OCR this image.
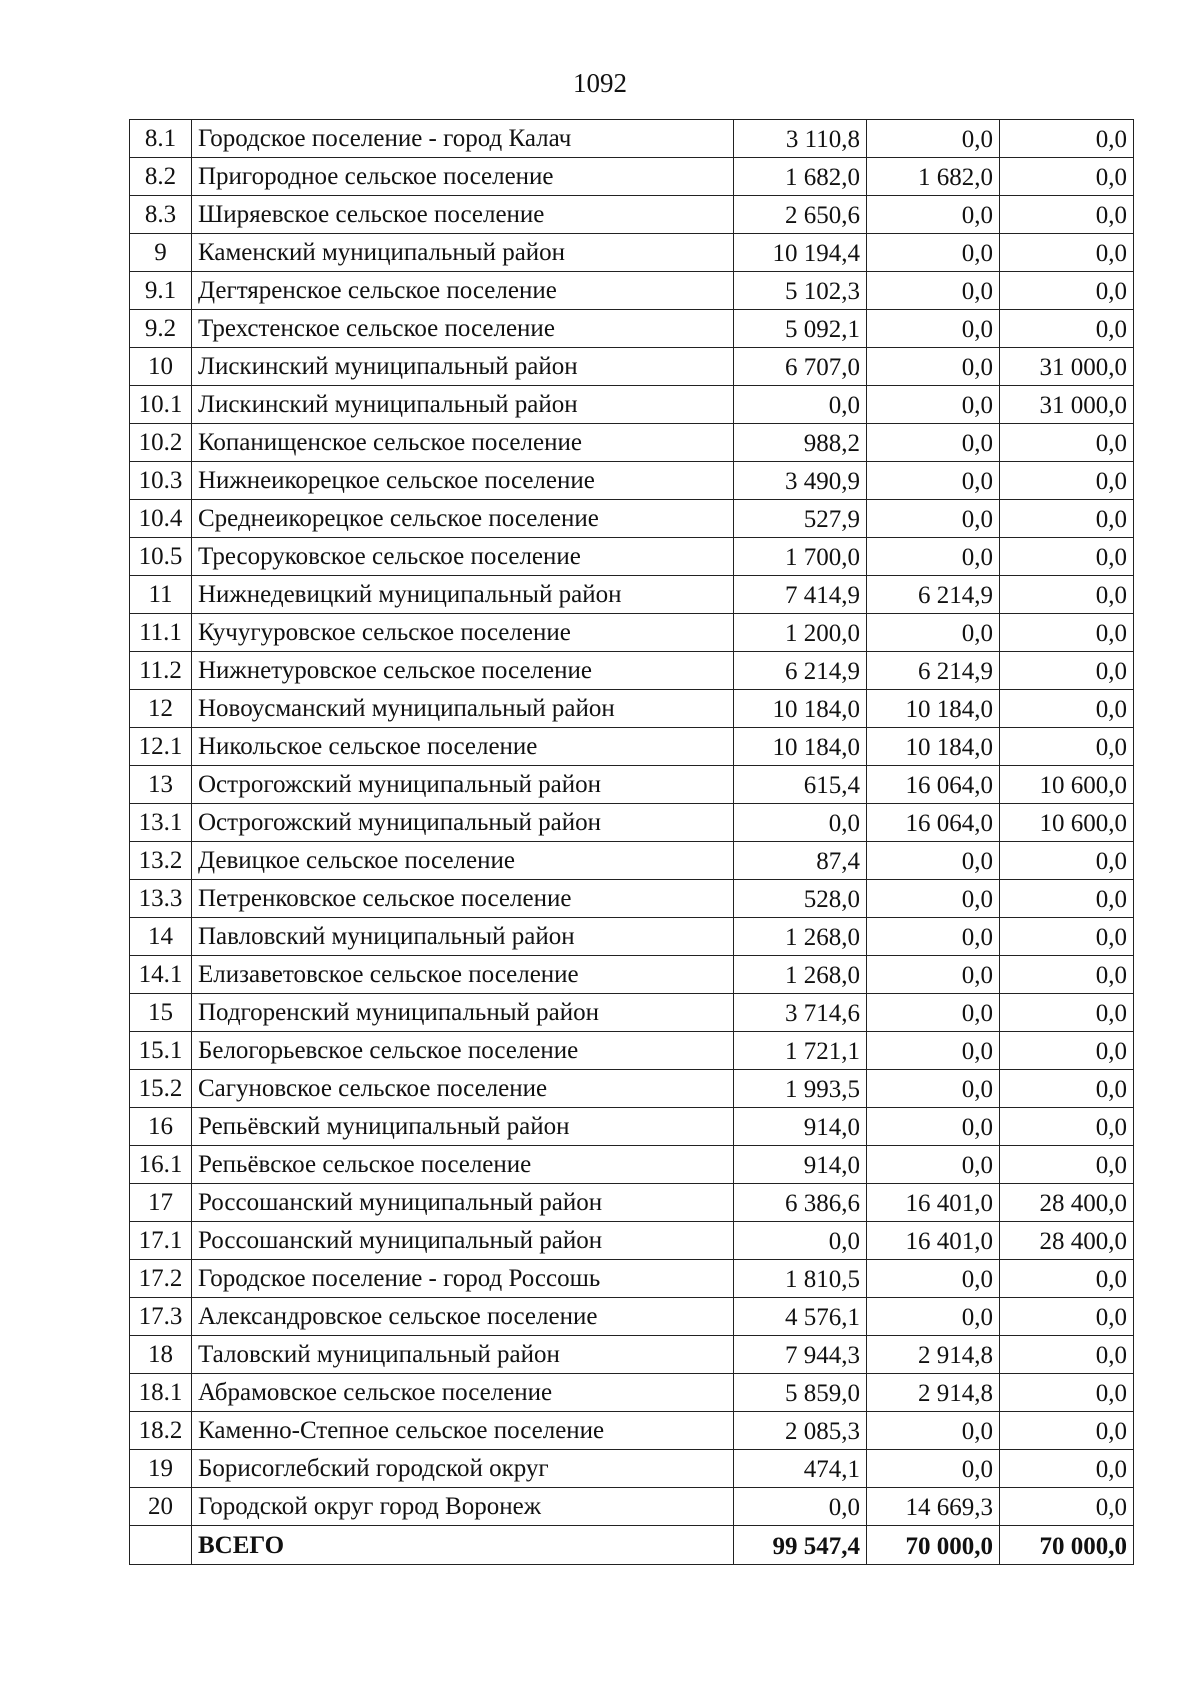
1092
8.1	Городское поселение - город Калач	3 110,8	0,0	0,0
8.2	Пригородное сельское поселение	1 682,0	1 682,0	0,0
8.3	Ширяевское сельское поселение	2 650,6	0,0	0,0
9	Каменский муниципальный район	10 194,4	0,0	0,0
9.1	Дегтяренское сельское поселение	5 102,3	0,0	0,0
9.2	Трехстенское сельское поселение	5 092,1	0,0	0,0
10	Лискинский муниципальный район	6 707,0	0,0	31 000,0
10.1	Лискинский муниципальный район	0,0	0,0	31 000,0
10.2	Копанищенское сельское поселение	988,2	0,0	0,0
10.3	Нижнеикорецкое сельское поселение	3 490,9	0,0	0,0
10.4	Среднеикорецкое сельское поселение	527,9	0,0	0,0
10.5	Тресоруковское сельское поселение	1 700,0	0,0	0,0
11	Нижнедевицкий муниципальный район	7 414,9	6 214,9	0,0
11.1	Кучугуровское сельское поселение	1 200,0	0,0	0,0
11.2	Нижнетуровское сельское поселение	6 214,9	6 214,9	0,0
12	Новоусманский муниципальный район	10 184,0	10 184,0	0,0
12.1	Никольское сельское поселение	10 184,0	10 184,0	0,0
13	Острогожский муниципальный район	615,4	16 064,0	10 600,0
13.1	Острогожский муниципальный район	0,0	16 064,0	10 600,0
13.2	Девицкое сельское поселение	87,4	0,0	0,0
13.3	Петренковское сельское поселение	528,0	0,0	0,0
14	Павловский муниципальный район	1 268,0	0,0	0,0
14.1	Елизаветовское сельское поселение	1 268,0	0,0	0,0
15	Подгоренский муниципальный район	3 714,6	0,0	0,0
15.1	Белогорьевское сельское поселение	1 721,1	0,0	0,0
15.2	Сагуновское сельское поселение	1 993,5	0,0	0,0
16	Репьёвский муниципальный район	914,0	0,0	0,0
16.1	Репьёвское сельское поселение	914,0	0,0	0,0
17	Россошанский муниципальный район	6 386,6	16 401,0	28 400,0
17.1	Россошанский муниципальный район	0,0	16 401,0	28 400,0
17.2	Городское поселение - город Россошь	1 810,5	0,0	0,0
17.3	Александровское сельское поселение	4 576,1	0,0	0,0
18	Таловский муниципальный район	7 944,3	2 914,8	0,0
18.1	Абрамовское сельское поселение	5 859,0	2 914,8	0,0
18.2	Каменно-Степное сельское поселение	2 085,3	0,0	0,0
19	Борисоглебский городской округ	474,1	0,0	0,0
20	Городской округ город Воронеж	0,0	14 669,3	0,0
	ВСЕГО	99 547,4	70 000,0	70 000,0
